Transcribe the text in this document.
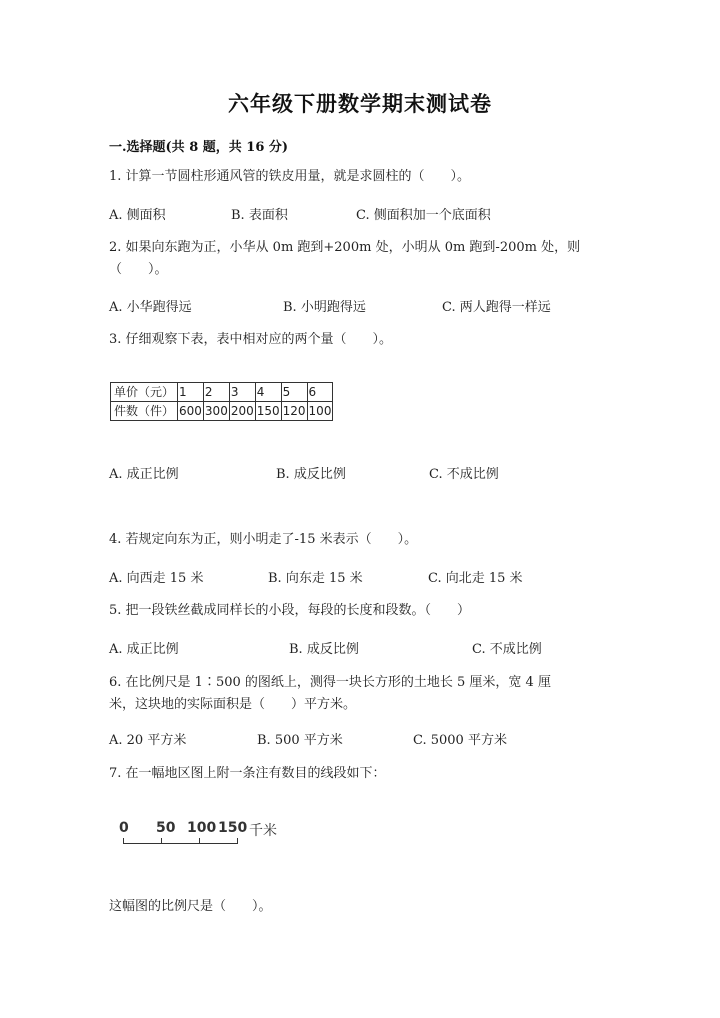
六年级下册数学期末测试卷
一.选择题(共 8 题，共 16 分)
1. 计算一节圆柱形通风管的铁皮用量，就是求圆柱的（　　）。
A. 侧面积	B. 表面积	C. 侧面积加一个底面积
2. 如果向东跑为正，小华从 0m 跑到+200m 处，小明从 0m 跑到-200m 处，则
（　　）。
A. 小华跑得远	B. 小明跑得远	C. 两人跑得一样远
3. 仔细观察下表，表中相对应的两个量（　　）。
单价（元）	1	2	3	4	5	6
件数（件）	600	300	200	150	120	100
A. 成正比例	B. 成反比例	C. 不成比例
4. 若规定向东为正，则小明走了-15 米表示（　　）。
A. 向西走 15 米	B. 向东走 15 米	C. 向北走 15 米
5. 把一段铁丝截成同样长的小段，每段的长度和段数。（　　）
A. 成正比例	B. 成反比例	C. 不成比例
6. 在比例尺是 1∶500 的图纸上，测得一块长方形的土地长 5 厘米，宽 4 厘
米，这块地的实际面积是（　　）平方米。
A. 20 平方米	B. 500 平方米	C. 5000 平方米
7. 在一幅地区图上附一条注有数目的线段如下：
0 50 100 150 千米
这幅图的比例尺是（　　）。
